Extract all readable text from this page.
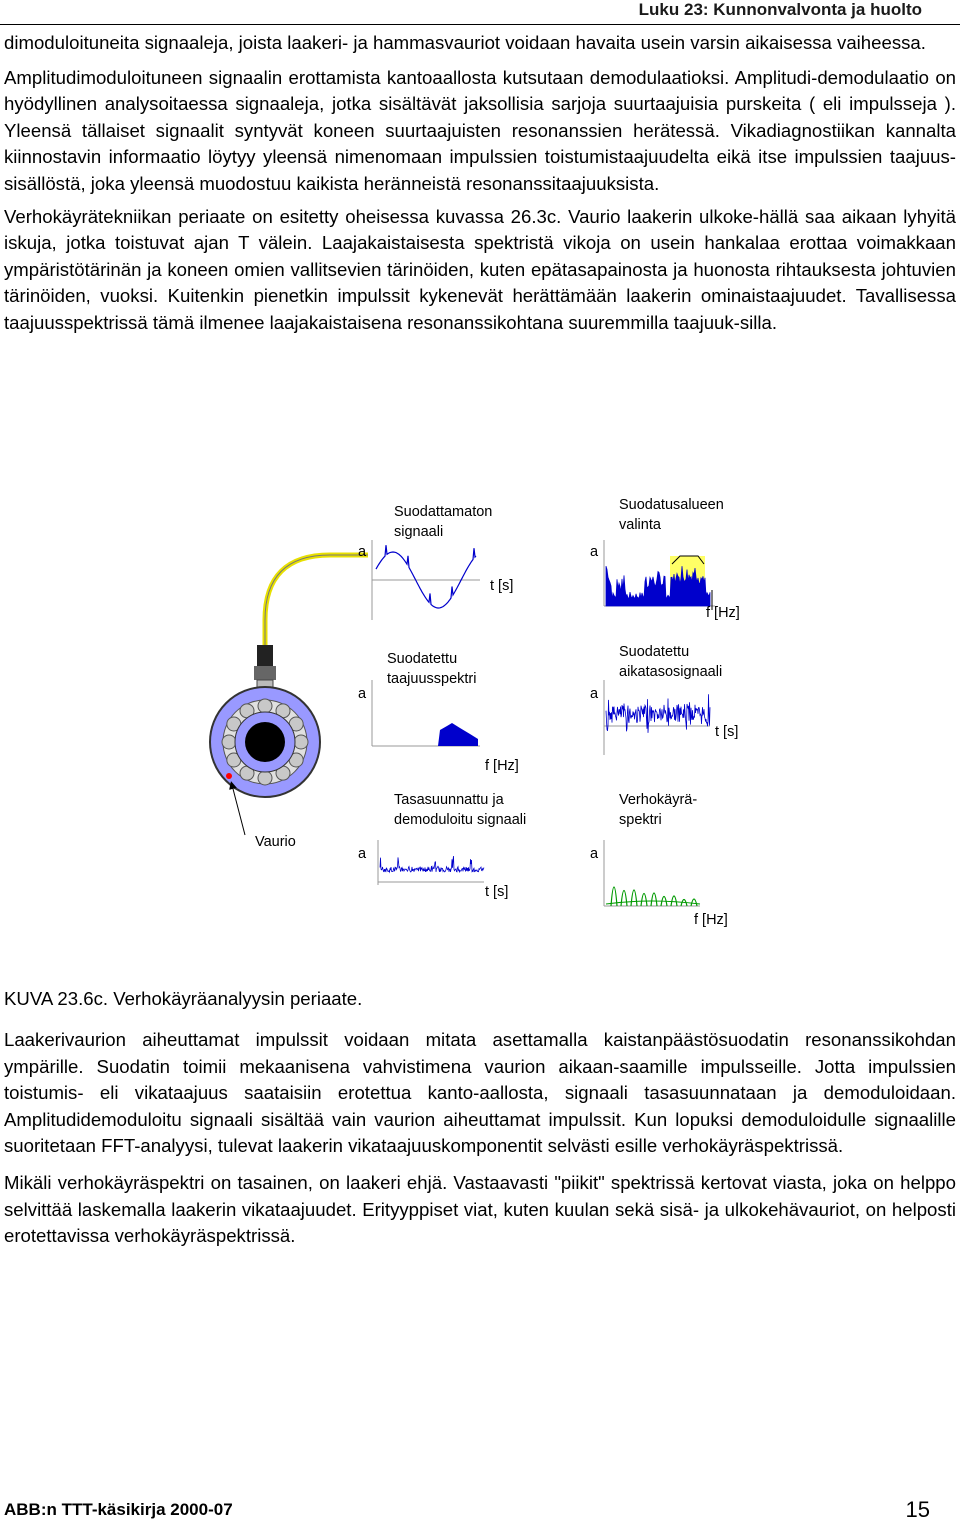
Luku 23: Kunnonvalvonta ja huolto

dimoduloituneita signaaleja, joista laakeri- ja hammasvauriot voidaan havaita usein varsin aikaisessa vaiheessa.

Amplitudimoduloituneen signaalin erottamista kantoaallosta kutsutaan demodulaatioksi. Amplitudi-demodulaatio on hyödyllinen analysoitaessa signaaleja, jotka sisältävät jaksollisia sarjoja suurtaajuisia purskeita ( eli impulsseja ). Yleensä tällaiset signaalit syntyvät koneen suurtaajuisten resonanssien herätessä. Vikadiagnostiikan kannalta kiinnostavin informaatio löytyy yleensä nimenomaan impulssien toistumistaajuudelta eikä itse impulssien taajuus-sisällöstä, joka yleensä muodostuu kaikista heränneistä resonanssitaajuuksista.

Verhokäyrätekniikan periaate on esitetty oheisessa kuvassa 26.3c. Vaurio laakerin ulkoke-hällä saa aikaan lyhyitä iskuja, jotka toistuvat ajan T välein. Laajakaistaisesta spektristä vikoja on usein hankalaa erottaa voimakkaan ympäristötärinän ja koneen omien vallitsevien tärinöiden, kuten epätasapainosta ja huonosta rihtauksesta johtuvien tärinöiden, vuoksi. Kuitenkin pienetkin impulssit kykenevät herättämään laakerin ominaistaajuudet. Tavallisessa taajuusspektrissä tämä ilmenee laajakaistaisena resonanssikohtana suuremmilla taajuuk-silla.

Vaurio
Suodattamaton
signaali
a
t [s]
Suodatusalueen
valinta
a
f [Hz]
Suodatettu
taajuusspektri
a
f [Hz]
Suodatettu
aikatasosignaali
a
t [s]
Tasasuunnattu ja
demoduloitu signaali
a
t [s]
Verhokäyrä-
spektri
a
f [Hz]
KUVA 23.6c. Verhokäyräanalyysin periaate.

Laakerivaurion aiheuttamat impulssit voidaan mitata asettamalla kaistanpäästösuodatin resonanssikohdan ympärille. Suodatin toimii mekaanisena vahvistimena vaurion aikaan-saamille impulsseille. Jotta impulssien toistumis- eli vikataajuus saataisiin erotettua kanto-aallosta, signaali tasasuunnataan ja demoduloidaan. Amplitudidemoduloitu signaali sisältää vain vaurion aiheuttamat impulssit. Kun lopuksi demoduloidulle signaalille suoritetaan FFT-analyysi, tulevat laakerin vikataajuuskomponentit selvästi esille verhokäyräspektrissä.

Mikäli verhokäyräspektri on tasainen, on laakeri ehjä. Vastaavasti "piikit" spektrissä kertovat viasta, joka on helppo selvittää laskemalla laakerin vikataajuudet. Erityyppiset viat, kuten kuulan sekä sisä- ja ulkokehävauriot, on helposti erotettavissa verhokäyräspektrissä.

ABB:n TTT-käsikirja 2000-07	15
